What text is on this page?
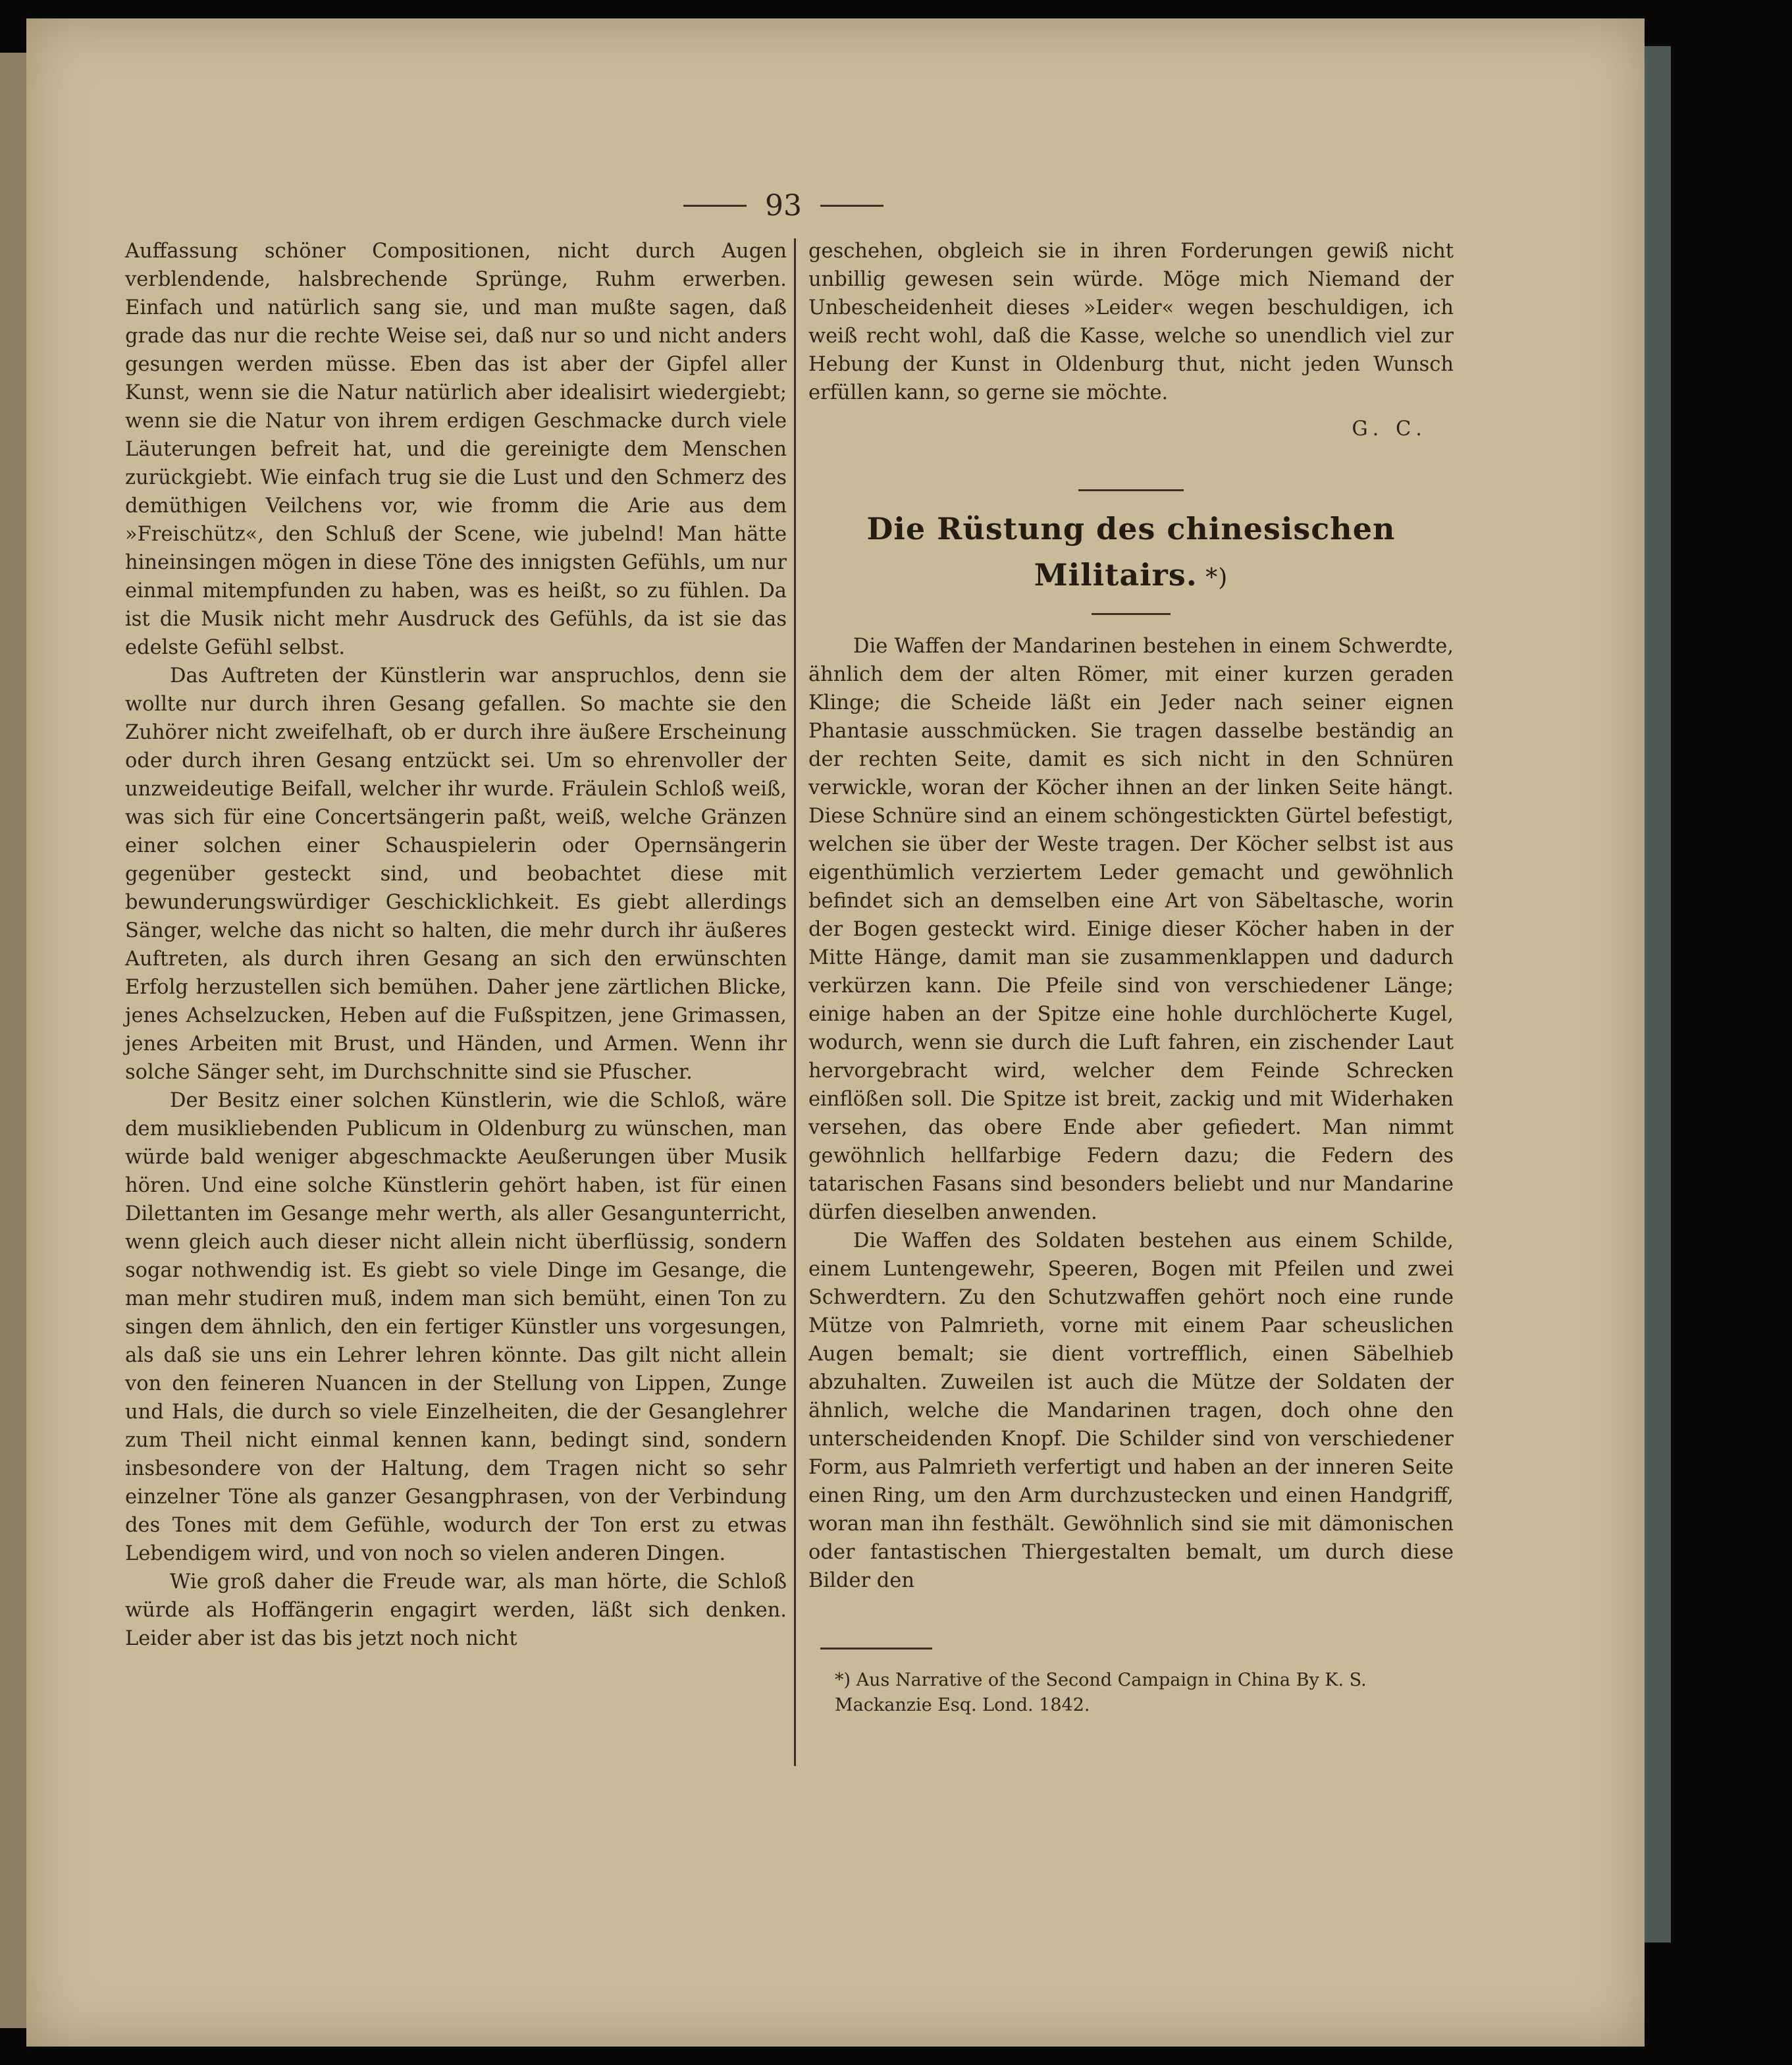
93

Auffassung schöner Compositionen, nicht durch Augen verblendende, halsbrechende Sprünge, Ruhm erwerben. Einfach und natürlich sang sie, und man mußte sagen, daß grade das nur die rechte Weise sei, daß nur so und nicht anders gesungen werden müsse. Eben das ist aber der Gipfel aller Kunst, wenn sie die Natur natürlich aber idealisirt wiedergiebt; wenn sie die Natur von ihrem erdigen Geschmacke durch viele Läuterungen befreit hat, und die gereinigte dem Menschen zurückgiebt. Wie einfach trug sie die Lust und den Schmerz des demüthigen Veilchens vor, wie fromm die Arie aus dem »Freischütz«, den Schluß der Scene, wie jubelnd! Man hätte hineinsingen mögen in diese Töne des innigsten Gefühls, um nur einmal mitempfunden zu haben, was es heißt, so zu fühlen. Da ist die Musik nicht mehr Ausdruck des Gefühls, da ist sie das edelste Gefühl selbst.

Das Auftreten der Künstlerin war anspruchlos, denn sie wollte nur durch ihren Gesang gefallen. So machte sie den Zuhörer nicht zweifelhaft, ob er durch ihre äußere Erscheinung oder durch ihren Gesang entzückt sei. Um so ehrenvoller der unzweideutige Beifall, welcher ihr wurde. Fräulein Schloß weiß, was sich für eine Concertsängerin paßt, weiß, welche Gränzen einer solchen einer Schauspielerin oder Opernsängerin gegenüber gesteckt sind, und beobachtet diese mit bewunderungswürdiger Geschicklichkeit. Es giebt allerdings Sänger, welche das nicht so halten, die mehr durch ihr äußeres Auftreten, als durch ihren Gesang an sich den erwünschten Erfolg herzustellen sich bemühen. Daher jene zärtlichen Blicke, jenes Achselzucken, Heben auf die Fußspitzen, jene Grimassen, jenes Arbeiten mit Brust, und Händen, und Armen. Wenn ihr solche Sänger seht, im Durchschnitte sind sie Pfuscher.

Der Besitz einer solchen Künstlerin, wie die Schloß, wäre dem musikliebenden Publicum in Oldenburg zu wünschen, man würde bald weniger abgeschmackte Aeußerungen über Musik hören. Und eine solche Künstlerin gehört haben, ist für einen Dilettanten im Gesange mehr werth, als aller Gesangunterricht, wenn gleich auch dieser nicht allein nicht überflüssig, sondern sogar nothwendig ist. Es giebt so viele Dinge im Gesange, die man mehr studiren muß, indem man sich bemüht, einen Ton zu singen dem ähnlich, den ein fertiger Künstler uns vorgesungen, als daß sie uns ein Lehrer lehren könnte. Das gilt nicht allein von den feineren Nuancen in der Stellung von Lippen, Zunge und Hals, die durch so viele Einzelheiten, die der Gesanglehrer zum Theil nicht einmal kennen kann, bedingt sind, sondern insbesondere von der Haltung, dem Tragen nicht so sehr einzelner Töne als ganzer Gesangphrasen, von der Verbindung des Tones mit dem Gefühle, wodurch der Ton erst zu etwas Lebendigem wird, und von noch so vielen anderen Dingen.

Wie groß daher die Freude war, als man hörte, die Schloß würde als Hoffängerin engagirt werden, läßt sich denken. Leider aber ist das bis jetzt noch nicht

geschehen, obgleich sie in ihren Forderungen gewiß nicht unbillig gewesen sein würde. Möge mich Niemand der Unbescheidenheit dieses »Leider« wegen beschuldigen, ich weiß recht wohl, daß die Kasse, welche so unendlich viel zur Hebung der Kunst in Oldenburg thut, nicht jeden Wunsch erfüllen kann, so gerne sie möchte.

G. C.
Die Rüstung des chinesischen
Militairs. *)

Die Waffen der Mandarinen bestehen in einem Schwerdte, ähnlich dem der alten Römer, mit einer kurzen geraden Klinge; die Scheide läßt ein Jeder nach seiner eignen Phantasie ausschmücken. Sie tragen dasselbe beständig an der rechten Seite, damit es sich nicht in den Schnüren verwickle, woran der Köcher ihnen an der linken Seite hängt. Diese Schnüre sind an einem schöngestickten Gürtel befestigt, welchen sie über der Weste tragen. Der Köcher selbst ist aus eigenthümlich verziertem Leder gemacht und gewöhnlich befindet sich an demselben eine Art von Säbeltasche, worin der Bogen gesteckt wird. Einige dieser Köcher haben in der Mitte Hänge, damit man sie zusammenklappen und dadurch verkürzen kann. Die Pfeile sind von verschiedener Länge; einige haben an der Spitze eine hohle durchlöcherte Kugel, wodurch, wenn sie durch die Luft fahren, ein zischender Laut hervorgebracht wird, welcher dem Feinde Schrecken einflößen soll. Die Spitze ist breit, zackig und mit Widerhaken versehen, das obere Ende aber gefiedert. Man nimmt gewöhnlich hellfarbige Federn dazu; die Federn des tatarischen Fasans sind besonders beliebt und nur Mandarine dürfen dieselben anwenden.

Die Waffen des Soldaten bestehen aus einem Schilde, einem Luntengewehr, Speeren, Bogen mit Pfeilen und zwei Schwerdtern. Zu den Schutzwaffen gehört noch eine runde Mütze von Palmrieth, vorne mit einem Paar scheuslichen Augen bemalt; sie dient vortrefflich, einen Säbelhieb abzuhalten. Zuweilen ist auch die Mütze der Soldaten der ähnlich, welche die Mandarinen tragen, doch ohne den unterscheidenden Knopf. Die Schilder sind von verschiedener Form, aus Palmrieth verfertigt und haben an der inneren Seite einen Ring, um den Arm durchzustecken und einen Handgriff, woran man ihn festhält. Gewöhnlich sind sie mit dämonischen oder fantastischen Thiergestalten bemalt, um durch diese Bilder den

*) Aus Narrative of the Second Campaign in China By K. S. Mackanzie Esq. Lond. 1842.
